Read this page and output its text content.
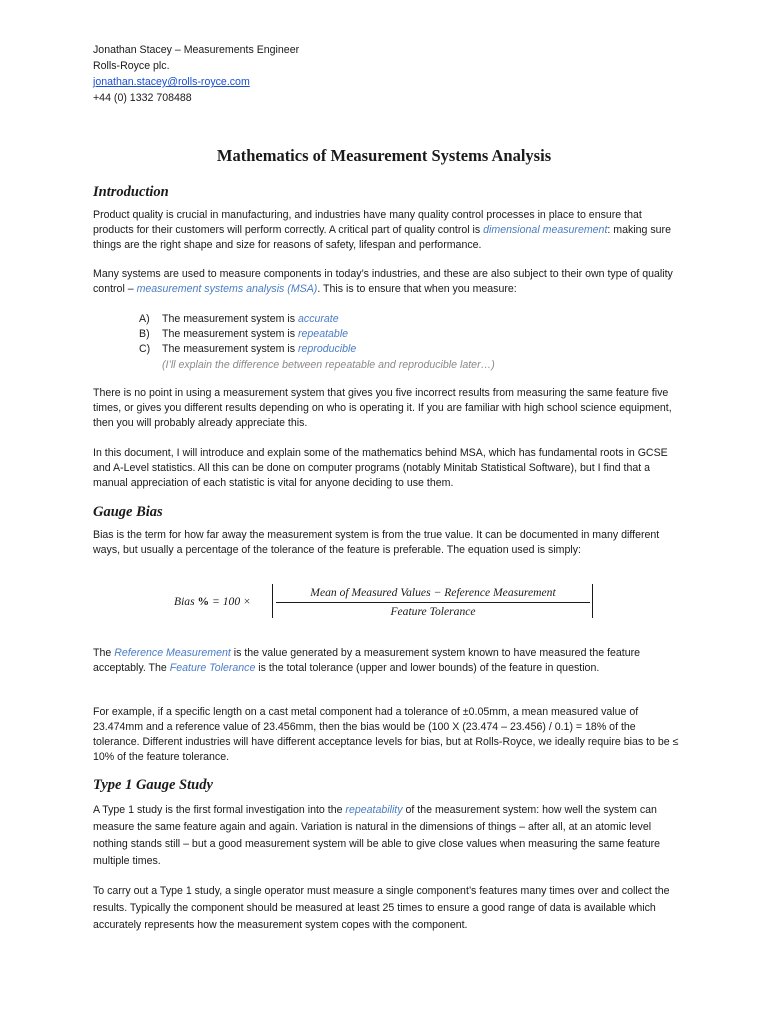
Jonathan Stacey – Measurements Engineer
Rolls-Royce plc.
jonathan.stacey@rolls-royce.com
+44 (0) 1332 708488
Mathematics of Measurement Systems Analysis
Introduction

Product quality is crucial in manufacturing, and industries have many quality control processes in place to ensure that products for their customers will perform correctly. A critical part of quality control is dimensional measurement: making sure things are the right shape and size for reasons of safety, lifespan and performance.

Many systems are used to measure components in today’s industries, and these are also subject to their own type of quality control – measurement systems analysis (MSA). This is to ensure that when you measure:

A) The measurement system is accurate
B) The measurement system is repeatable
C) The measurement system is reproducible
(I’ll explain the difference between repeatable and reproducible later…)

There is no point in using a measurement system that gives you five incorrect results from measuring the same feature five times, or gives you different results depending on who is operating it. If you are familiar with high school science equipment, then you will probably already appreciate this.

In this document, I will introduce and explain some of the mathematics behind MSA, which has fundamental roots in GCSE and A-Level statistics. All this can be done on computer programs (notably Minitab Statistical Software), but I find that a manual appreciation of each statistic is vital for anyone deciding to use them.

Gauge Bias

Bias is the term for how far away the measurement system is from the true value. It can be documented in many different ways, but usually a percentage of the tolerance of the feature is preferable. The equation used is simply:

Bias % = 100 ×
Mean of Measured Values − Reference Measurement
Feature Tolerance

The Reference Measurement is the value generated by a measurement system known to have measured the feature acceptably. The Feature Tolerance is the total tolerance (upper and lower bounds) of the feature in question.

For example, if a specific length on a cast metal component had a tolerance of ±0.05mm, a mean measured value of 23.474mm and a reference value of 23.456mm, then the bias would be (100 X (23.474 – 23.456) / 0.1) = 18% of the tolerance. Different industries will have different acceptance levels for bias, but at Rolls-Royce, we ideally require bias to be ≤ 10% of the feature tolerance.

Type 1 Gauge Study

A Type 1 study is the first formal investigation into the repeatability of the measurement system: how well the system can measure the same feature again and again. Variation is natural in the dimensions of things – after all, at an atomic level nothing stands still – but a good measurement system will be able to give close values when measuring the same feature multiple times.

To carry out a Type 1 study, a single operator must measure a single component’s features many times over and collect the results. Typically the component should be measured at least 25 times to ensure a good range of data is available which accurately represents how the measurement system copes with the component.
